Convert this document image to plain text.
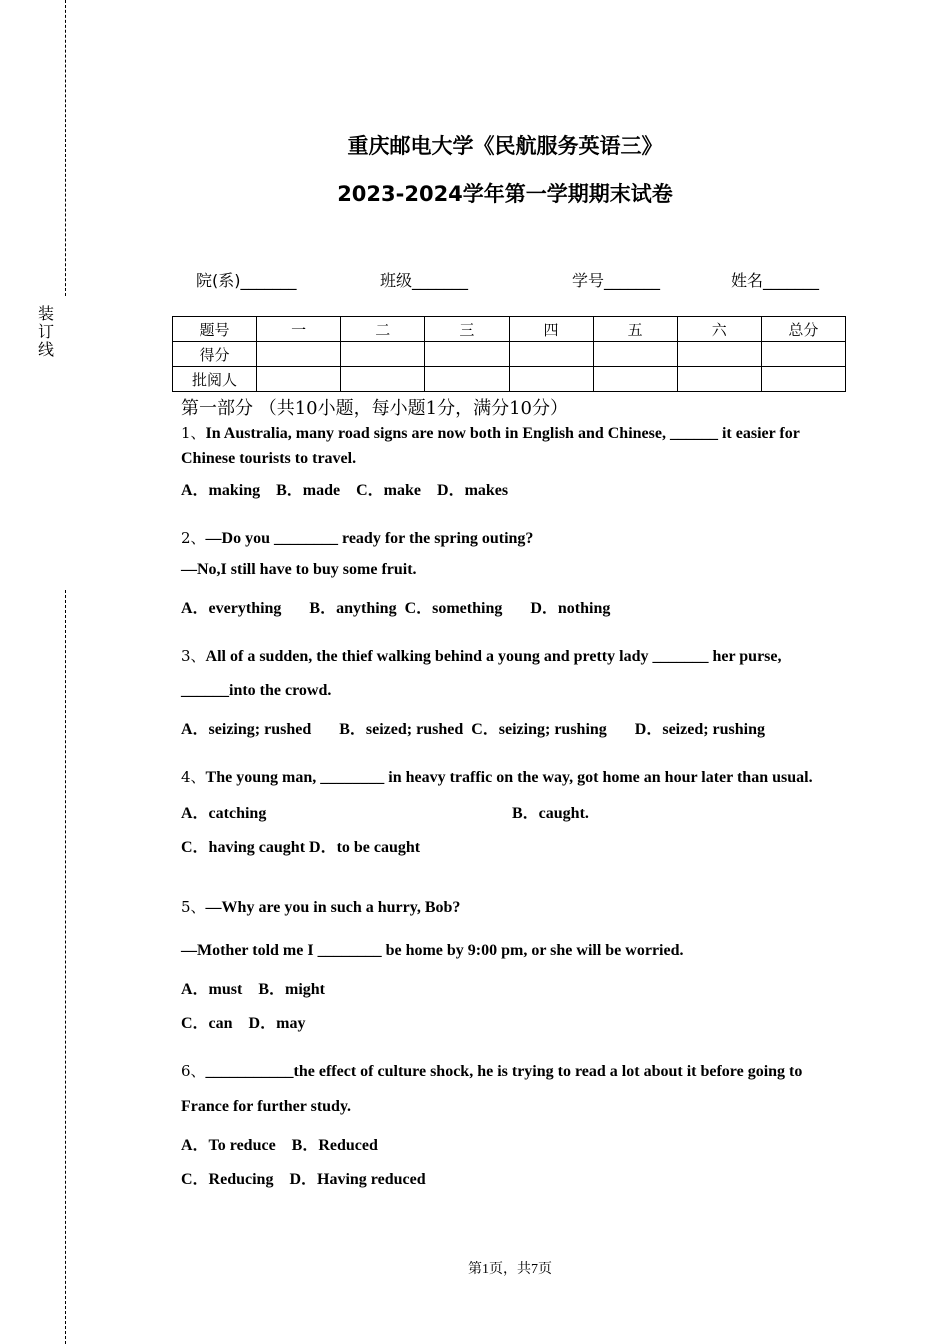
装
订
线
重庆邮电大学《民航服务英语三》
2023-2024学年第一学期期末试卷
院(系)_______	班级_______	学号_______	姓名_______
题号	一	二	三	四	五	六	总分
得分							
批阅人							
第一部分 （共10小题，每小题1分，满分10分）
1、In Australia, many road signs are now both in English and Chinese, ______ it easier for
Chinese tourists to travel.
A．making    B．made    C．make    D．makes
2、—Do you ________ ready for the spring outing?
—No,I still have to buy some fruit.
A．everything       B．anything  C．something       D．nothing
3、All of a sudden, the thief walking behind a young and pretty lady _______ her purse,
______into the crowd.
A．seizing; rushed       B．seized; rushed  C．seizing; rushing       D．seized; rushing
4、The young man, ________ in heavy traffic on the way, got home an hour later than usual.
A．catching	B．caught.
C．having caught D．to be caught
5、—Why are you in such a hurry, Bob?
—Mother told me I ________ be home by 9:00 pm, or she will be worried.
A．must    B．might
C．can    D．may
6、___________the effect of culture shock, he is trying to read a lot about it before going to
France for further study.
A．To reduce    B．Reduced
C．Reducing    D．Having reduced
第1页，共7页
